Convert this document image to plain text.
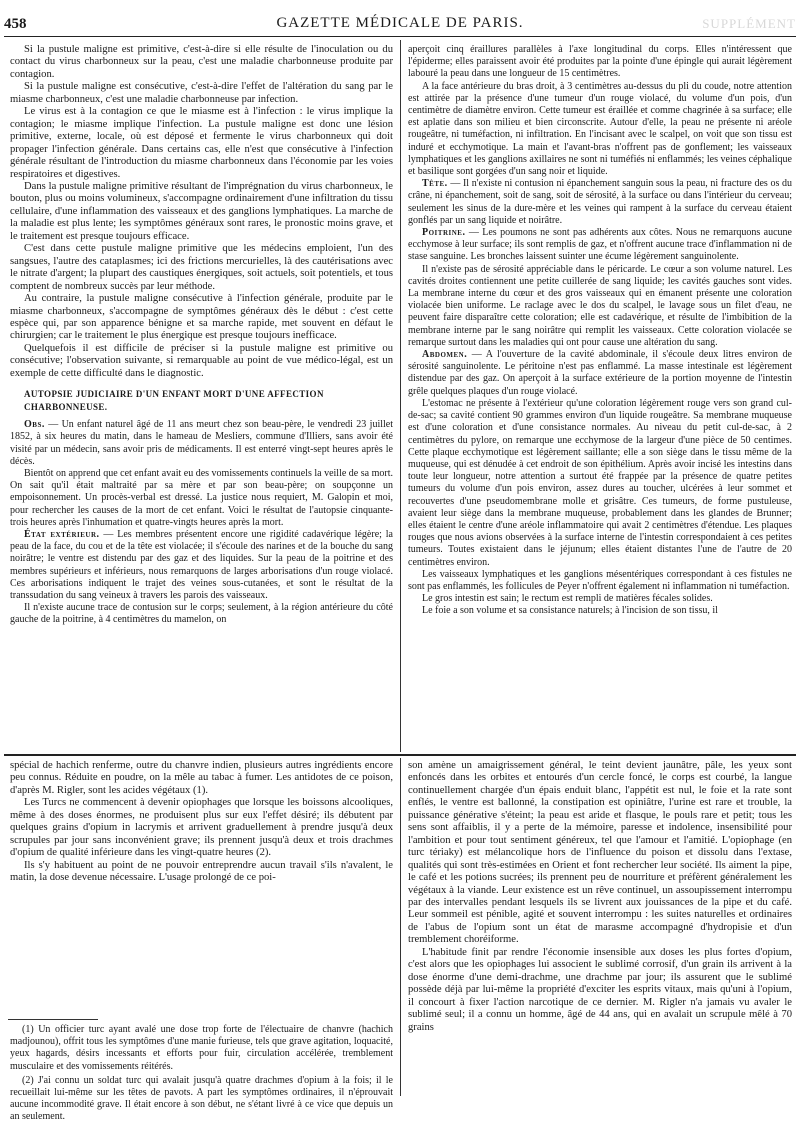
458	GAZETTE MÉDICALE DE PARIS.	SUPPLÉMENT

Si la pustule maligne est primitive, c'est-à-dire si elle résulte de l'inoculation ou du contact du virus charbonneux sur la peau, c'est une maladie charbonneuse produite par contagion.

Si la pustule maligne est consécutive, c'est-à-dire l'effet de l'altération du sang par le miasme charbonneux, c'est une maladie charbonneuse par infection.

Le virus est à la contagion ce que le miasme est à l'infection : le virus implique la contagion; le miasme implique l'infection. La pustule maligne est donc une lésion primitive, externe, locale, où est déposé et fermente le virus charbonneux qui doit propager l'infection générale. Dans certains cas, elle n'est que consécutive à l'infection générale résultant de l'introduction du miasme charbonneux dans l'économie par les voies respiratoires et digestives.

Dans la pustule maligne primitive résultant de l'imprégnation du virus charbonneux, le bouton, plus ou moins volumineux, s'accompagne ordinairement d'une infiltration du tissu cellulaire, d'une inflammation des vaisseaux et des ganglions lymphatiques. La marche de la maladie est plus lente; les symptômes généraux sont rares, le pronostic moins grave, et le traitement est presque toujours efficace.

C'est dans cette pustule maligne primitive que les médecins emploient, l'un des sangsues, l'autre des cataplasmes; ici des frictions mercurielles, là des cautérisations avec le nitrate d'argent; la plupart des caustiques énergiques, soit actuels, soit potentiels, et tous comptent de nombreux succès par leur méthode.

Au contraire, la pustule maligne consécutive à l'infection générale, produite par le miasme charbonneux, s'accompagne de symptômes généraux dès le début : c'est cette espèce qui, par son apparence bénigne et sa marche rapide, met souvent en défaut le chirurgien; car le traitement le plus énergique est presque toujours inefficace.

Quelquefois il est difficile de préciser si la pustule maligne est primitive ou consécutive; l'observation suivante, si remarquable au point de vue médico-légal, est un exemple de cette difficulté dans le diagnostic.

AUTOPSIE JUDICIAIRE D'UN ENFANT MORT D'UNE AFFECTION CHARBONNEUSE.

Obs. — Un enfant naturel âgé de 11 ans meurt chez son beau-père, le vendredi 23 juillet 1852, à six heures du matin, dans le hameau de Mesliers, commune d'Illiers, sans avoir été visité par un médecin, sans avoir pris de médicaments. Il est enterré vingt-sept heures après le décès.

Bientôt on apprend que cet enfant avait eu des vomissements continuels la veille de sa mort. On sait qu'il était maltraité par sa mère et par son beau-père; on soupçonne un empoisonnement. Un procès-verbal est dressé. La justice nous requiert, M. Galopin et moi, pour rechercher les causes de la mort de cet enfant. Voici le résultat de l'autopsie cinquante-trois heures après l'inhumation et quatre-vingts heures après la mort.

État extérieur. — Les membres présentent encore une rigidité cadavérique légère; la peau de la face, du cou et de la tête est violacée; il s'écoule des narines et de la bouche du sang noirâtre; le ventre est distendu par des gaz et des liquides. Sur la peau de la poitrine et des membres supérieurs et inférieurs, nous remarquons de larges arborisations d'un rouge violacé. Ces arborisations indiquent le trajet des veines sous-cutanées, et sont le résultat de la transsudation du sang veineux à travers les parois des vaisseaux.

Il n'existe aucune trace de contusion sur le corps; seulement, à la région antérieure du côté gauche de la poitrine, à 4 centimètres du mamelon, on

aperçoit cinq éraillures parallèles à l'axe longitudinal du corps. Elles n'intéressent que l'épiderme; elles paraissent avoir été produites par la pointe d'une épingle qui aurait légèrement labouré la peau dans une longueur de 15 centimètres.

A la face antérieure du bras droit, à 3 centimètres au-dessus du pli du coude, notre attention est attirée par la présence d'une tumeur d'un rouge violacé, du volume d'un pois, d'un centimètre de diamètre environ. Cette tumeur est éraillée et comme chagrinée à sa surface; elle est aplatie dans son milieu et bien circonscrite. Autour d'elle, la peau ne présente ni aréole rougeâtre, ni tuméfaction, ni infiltration. En l'incisant avec le scalpel, on voit que son tissu est induré et ecchymotique. La main et l'avant-bras n'offrent pas de gonflement; les vaisseaux lymphatiques et les ganglions axillaires ne sont ni tuméfiés ni enflammés; les veines céphalique et basilique sont gorgées d'un sang noir et liquide.

Tête. — Il n'existe ni contusion ni épanchement sanguin sous la peau, ni fracture des os du crâne, ni épanchement, soit de sang, soit de sérosité, à la surface ou dans l'intérieur du cerveau; seulement les sinus de la dure-mère et les veines qui rampent à la surface du cerveau étaient gonflés par un sang liquide et noirâtre.

Poitrine. — Les poumons ne sont pas adhérents aux côtes. Nous ne remarquons aucune ecchymose à leur surface; ils sont remplis de gaz, et n'offrent aucune trace d'inflammation ni de stase sanguine. Les bronches laissent suinter une écume légèrement sanguinolente.

Il n'existe pas de sérosité appréciable dans le péricarde. Le cœur a son volume naturel. Les cavités droites contiennent une petite cuillerée de sang liquide; les cavités gauches sont vides. La membrane interne du cœur et des gros vaisseaux qui en émanent présente une coloration violacée bien uniforme. Le raclage avec le dos du scalpel, le lavage sous un filet d'eau, ne peuvent faire disparaître cette coloration; elle est cadavérique, et résulte de l'imbibition de la membrane interne par le sang noirâtre qui remplit les vaisseaux. Cette coloration violacée se remarque surtout dans les maladies qui ont pour cause une altération du sang.

Abdomen. — A l'ouverture de la cavité abdominale, il s'écoule deux litres environ de sérosité sanguinolente. Le péritoine n'est pas enflammé. La masse intestinale est légèrement distendue par des gaz. On aperçoit à la surface extérieure de la portion moyenne de l'intestin grêle quelques plaques d'un rouge violacé.

L'estomac ne présente à l'extérieur qu'une coloration légèrement rouge vers son grand cul-de-sac; sa cavité contient 90 grammes environ d'un liquide rougeâtre. Sa membrane muqueuse est d'une coloration et d'une consistance normales. Au niveau du petit cul-de-sac, à 2 centimètres du pylore, on remarque une ecchymose de la largeur d'une pièce de 50 centimes. Cette plaque ecchymotique est légèrement saillante; elle a son siège dans le tissu même de la muqueuse, qui est dénudée à cet endroit de son épithélium. Après avoir incisé les intestins dans toute leur longueur, notre attention a surtout été frappée par la présence de quatre petites tumeurs du volume d'un pois environ, assez dures au toucher, ulcérées à leur sommet et recouvertes d'une pseudomembrane molle et grisâtre. Ces tumeurs, de forme pustuleuse, avaient leur siège dans la membrane muqueuse, probablement dans les glandes de Brunner; elles étaient le centre d'une aréole inflammatoire qui avait 2 centimètres d'étendue. Les plaques rouges que nous avions observées à la surface interne de l'intestin correspondaient à ces petites tumeurs. Toutes existaient dans le jéjunum; elles étaient distantes l'une de l'autre de 20 centimètres environ.

Les vaisseaux lymphatiques et les ganglions mésentériques correspondant à ces fistules ne sont pas enflammés, les follicules de Peyer n'offrent également ni inflammation ni tuméfaction.

Le gros intestin est sain; le rectum est rempli de matières fécales solides.

Le foie a son volume et sa consistance naturels; à l'incision de son tissu, il

spécial de hachich renferme, outre du chanvre indien, plusieurs autres ingrédients encore peu connus. Réduite en poudre, on la mêle au tabac à fumer. Les antidotes de ce poison, d'après M. Rigler, sont les acides végétaux (1).

Les Turcs ne commencent à devenir opiophages que lorsque les boissons alcooliques, même à des doses énormes, ne produisent plus sur eux l'effet désiré; ils débutent par quelques grains d'opium in lacrymis et arrivent graduellement à prendre jusqu'à deux scrupules par jour sans inconvénient grave; ils prennent jusqu'à deux et trois drachmes d'opium de qualité inférieure dans les vingt-quatre heures (2).

Ils s'y habituent au point de ne pouvoir entreprendre aucun travail s'ils n'avalent, le matin, la dose devenue nécessaire. L'usage prolongé de ce poi-

(1) Un officier turc ayant avalé une dose trop forte de l'électuaire de chanvre (hachich madjounou), offrit tous les symptômes d'une manie furieuse, tels que grave agitation, loquacité, yeux hagards, désirs incessants et efforts pour fuir, circulation accélérée, tremblement musculaire et des vomissements réitérés.

(2) J'ai connu un soldat turc qui avalait jusqu'à quatre drachmes d'opium à la fois; il le recueillait lui-même sur les têtes de pavots. A part les symptômes ordinaires, il n'éprouvait aucune incommodité grave. Il était encore à son début, ne s'étant livré à ce vice que depuis un an seulement.

son amène un amaigrissement général, le teint devient jaunâtre, pâle, les yeux sont enfoncés dans les orbites et entourés d'un cercle foncé, le corps est courbé, la langue continuellement chargée d'un épais enduit blanc, l'appétit est nul, le foie et la rate sont enflés, le ventre est ballonné, la constipation est opiniâtre, l'urine est rare et trouble, la puissance générative s'éteint; la peau est aride et flasque, le pouls rare et petit; tous les sens sont affaiblis, il y a perte de la mémoire, paresse et indolence, insensibilité pour l'ambition et pour tout sentiment généreux, tel que l'amour et l'amitié. L'opiophage (en turc tériaky) est mélancolique hors de l'influence du poison et dissolu dans l'extase, qualités qui sont très-estimées en Orient et font rechercher leur société. Ils aiment la pipe, le café et les potions sucrées; ils prennent peu de nourriture et préfèrent généralement les végétaux à la viande. Leur existence est un rêve continuel, un assoupissement interrompu par des intervalles pendant lesquels ils se livrent aux jouissances de la pipe et du café. Leur sommeil est pénible, agité et souvent interrompu : les suites naturelles et ordinaires de l'abus de l'opium sont un état de marasme accompagné d'hydropisie et d'un tremblement choréiforme.

L'habitude finit par rendre l'économie insensible aux doses les plus fortes d'opium, c'est alors que les opiophages lui associent le sublimé corrosif, d'un grain ils arrivent à la dose énorme d'une demi-drachme, une drachme par jour; ils assurent que le sublimé possède déjà par lui-même la propriété d'exciter les esprits vitaux, mais qu'uni à l'opium, il concourt à fixer l'action narcotique de ce dernier. M. Rigler n'a jamais vu avaler le sublimé seul; il a connu un homme, âgé de 44 ans, qui en avalait un scrupule mêlé à 70 grains
